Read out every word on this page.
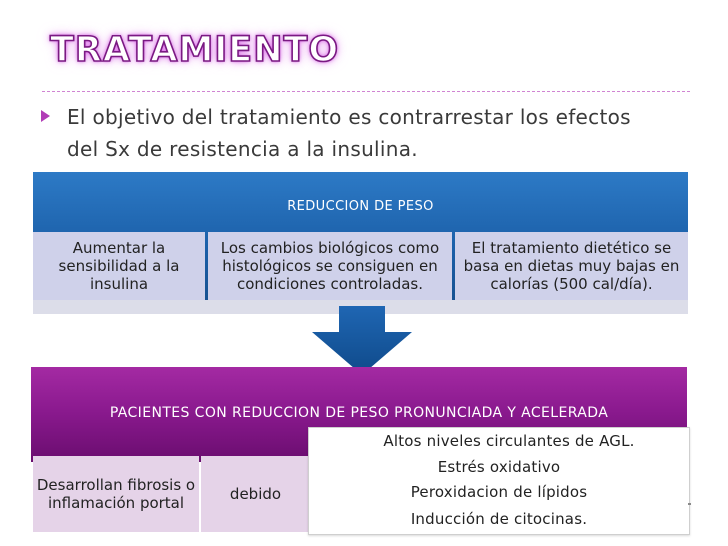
TRATAMIENTO
El objetivo del tratamiento es contrarrestar los efectos del Sx de resistencia a la insulina.
REDUCCION DE PESO
Aumentar la sensibilidad a la insulina
Los cambios biológicos como histológicos se consiguen en condiciones controladas.
El tratamiento dietético se basa en dietas muy bajas en calorías (500 cal/día).
PACIENTES CON REDUCCION DE PESO PRONUNCIADA Y ACELERADA
Desarrollan fibrosis o inflamación portal	debido
Altos niveles circulantes de AGL.
Estrés oxidativo
Peroxidacion de lípidos
Inducción de citocinas.
